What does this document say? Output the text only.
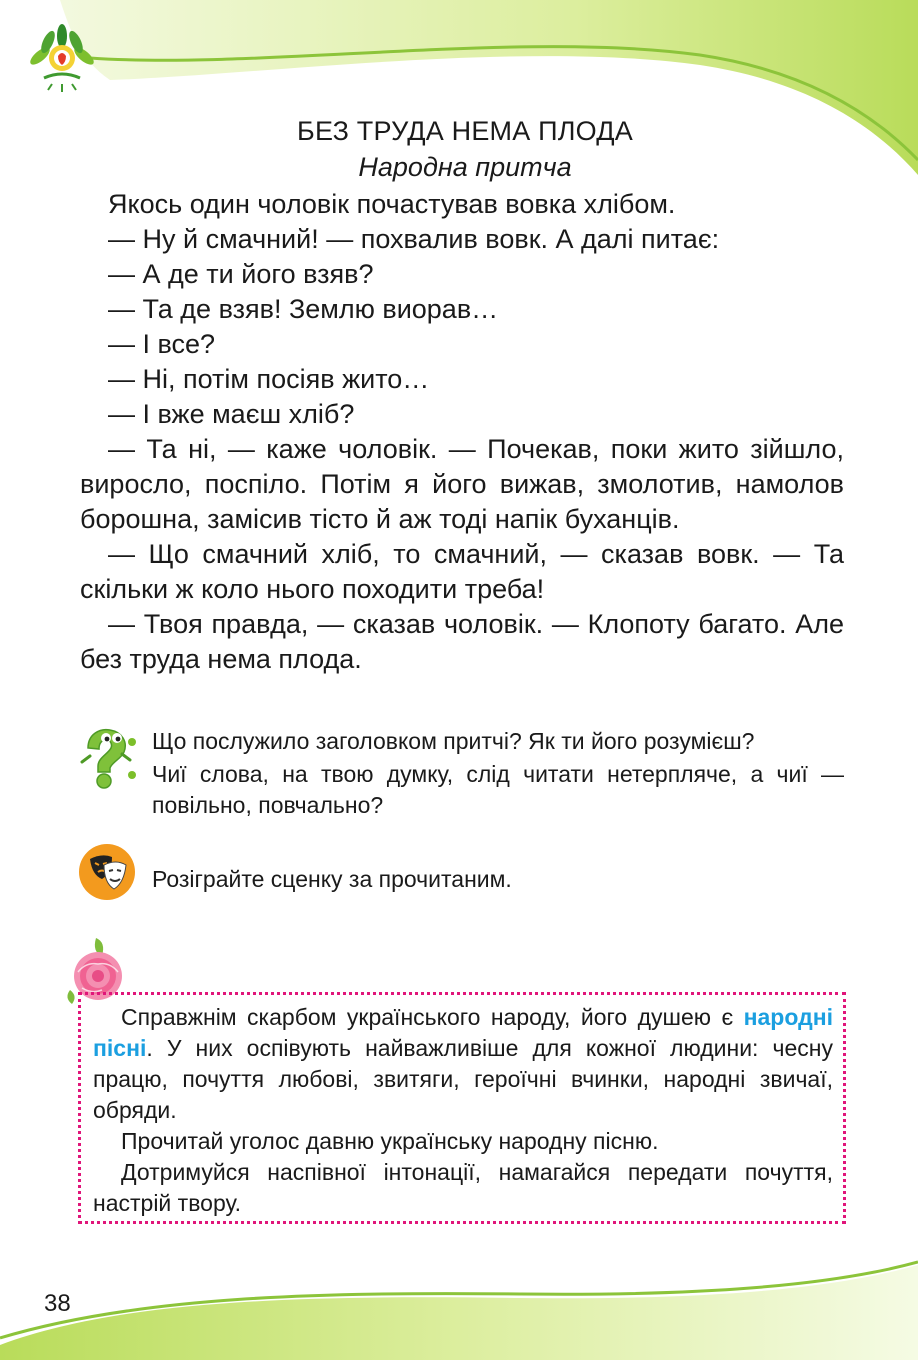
БЕЗ ТРУДА НЕМА ПЛОДА
Народна притча

Якось один чоловік почастував вовка хлібом.

— Ну й смачний! — похвалив вовк. А далі питає:

— А де ти його взяв?

— Та де взяв! Землю виорав…

— І все?

— Ні, потім посіяв жито…

— І вже маєш хліб?

— Та ні, — каже чоловік. — Почекав, поки жито зійшло, виросло, поспіло. Потім я його вижав, змолотив, намолов борошна, замісив тісто й аж тоді напік буханців.

— Що смачний хліб, то смачний, — сказав вовк. — Та скільки ж коло нього походити треба!

— Твоя правда, — сказав чоловік. — Клопоту багато. Але без труда нема плода.

Що послужило заголовком притчі? Як ти його розумієш?
Чиї слова, на твою думку, слід читати нетерпляче, а чиї — повільно, повчально?
Розіграйте сценку за прочитаним.

Справжнім скарбом українського народу, його душею є народні пісні. У них оспівують найважливіше для кожної людини: чесну працю, почуття любові, звитяги, героїчні вчинки, народні звичаї, обряди.

Прочитай уголос давню українську народну пісню.

Дотримуйся наспівної інтонації, намагайся передати почуття, настрій твору.

38
